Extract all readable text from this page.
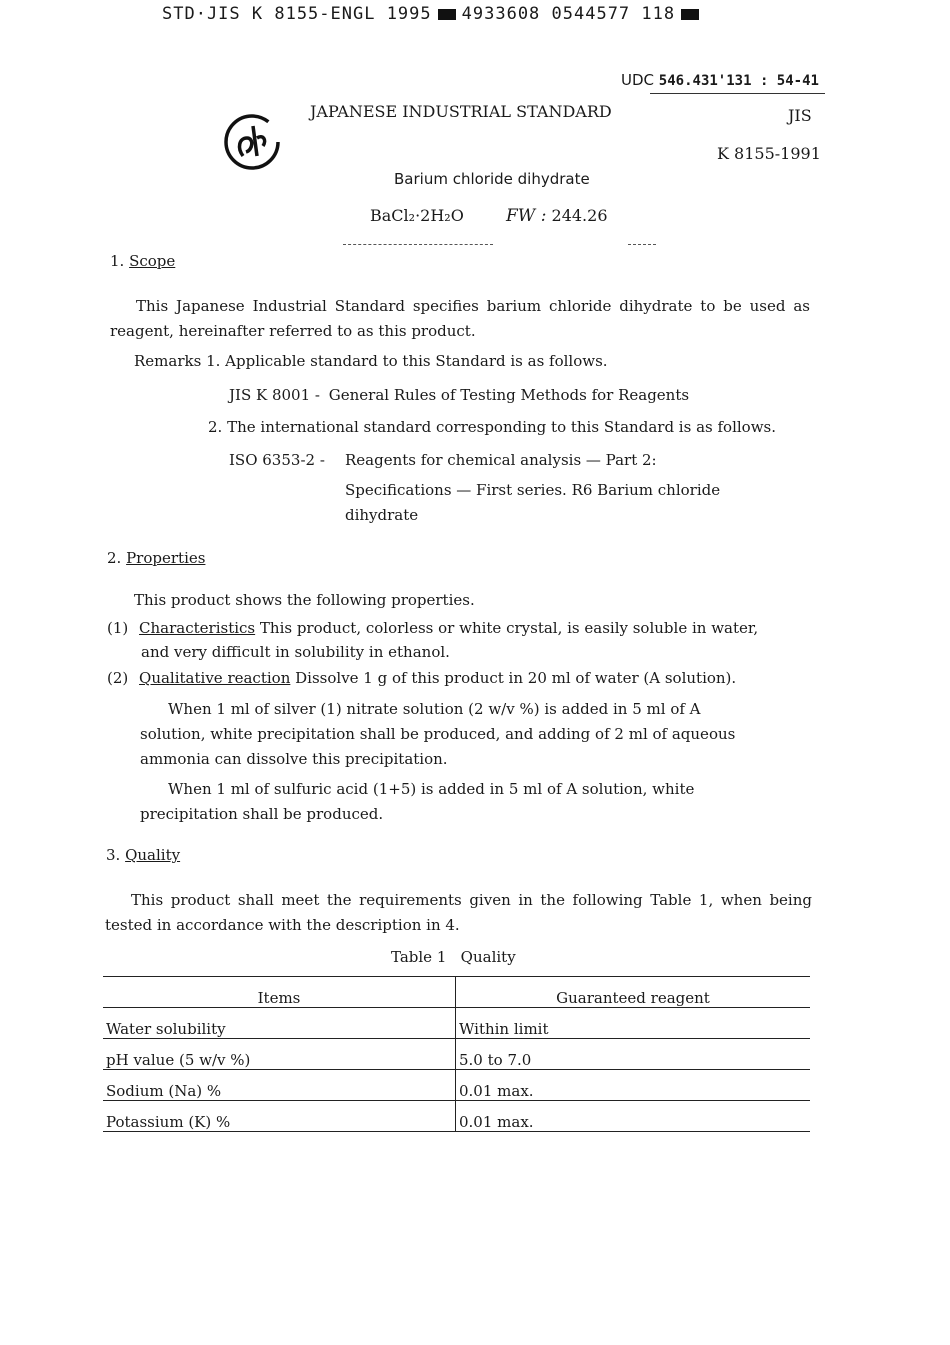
STD·JIS K 8155-ENGL 1995 4933608 0544577 118
UDC 546.431'131 : 54-41
JAPANESE INDUSTRIAL STANDARD	JIS
K 8155-1991
Barium chloride dihydrate
BaCl₂·2H₂O FW : 244.26
1. Scope
This Japanese Industrial Standard specifies barium chloride dihydrate to be used as reagent, hereinafter referred to as this product.
Remarks 1. Applicable standard to this Standard is as follows.
JIS K 8001 - General Rules of Testing Methods for Reagents
2. The international standard corresponding to this Standard is as follows.
ISO 6353-2 - Reagents for chemical analysis — Part 2:
Specifications — First series. R6 Barium chloride
dihydrate
2. Properties
This product shows the following properties.
(1) Characteristics This product, colorless or white crystal, is easily soluble in water,
and very difficult in solubility in ethanol.
(2) Qualitative reaction Dissolve 1 g of this product in 20 ml of water (A solution).
When 1 ml of silver (1) nitrate solution (2 w/v %) is added in 5 ml of A solution, white precipitation shall be produced, and adding of 2 ml of aqueous ammonia can dissolve this precipitation.
When 1 ml of sulfuric acid (1+5) is added in 5 ml of A solution, white precipitation shall be produced.
3. Quality
This product shall meet the requirements given in the following Table 1, when being tested in accordance with the description in 4.
Table 1   Quality
Items	Guaranteed reagent
Water solubility	Within limit
pH value (5 w/v %)	5.0 to 7.0
Sodium (Na) %	0.01 max.
Potassium (K) %	0.01 max.
